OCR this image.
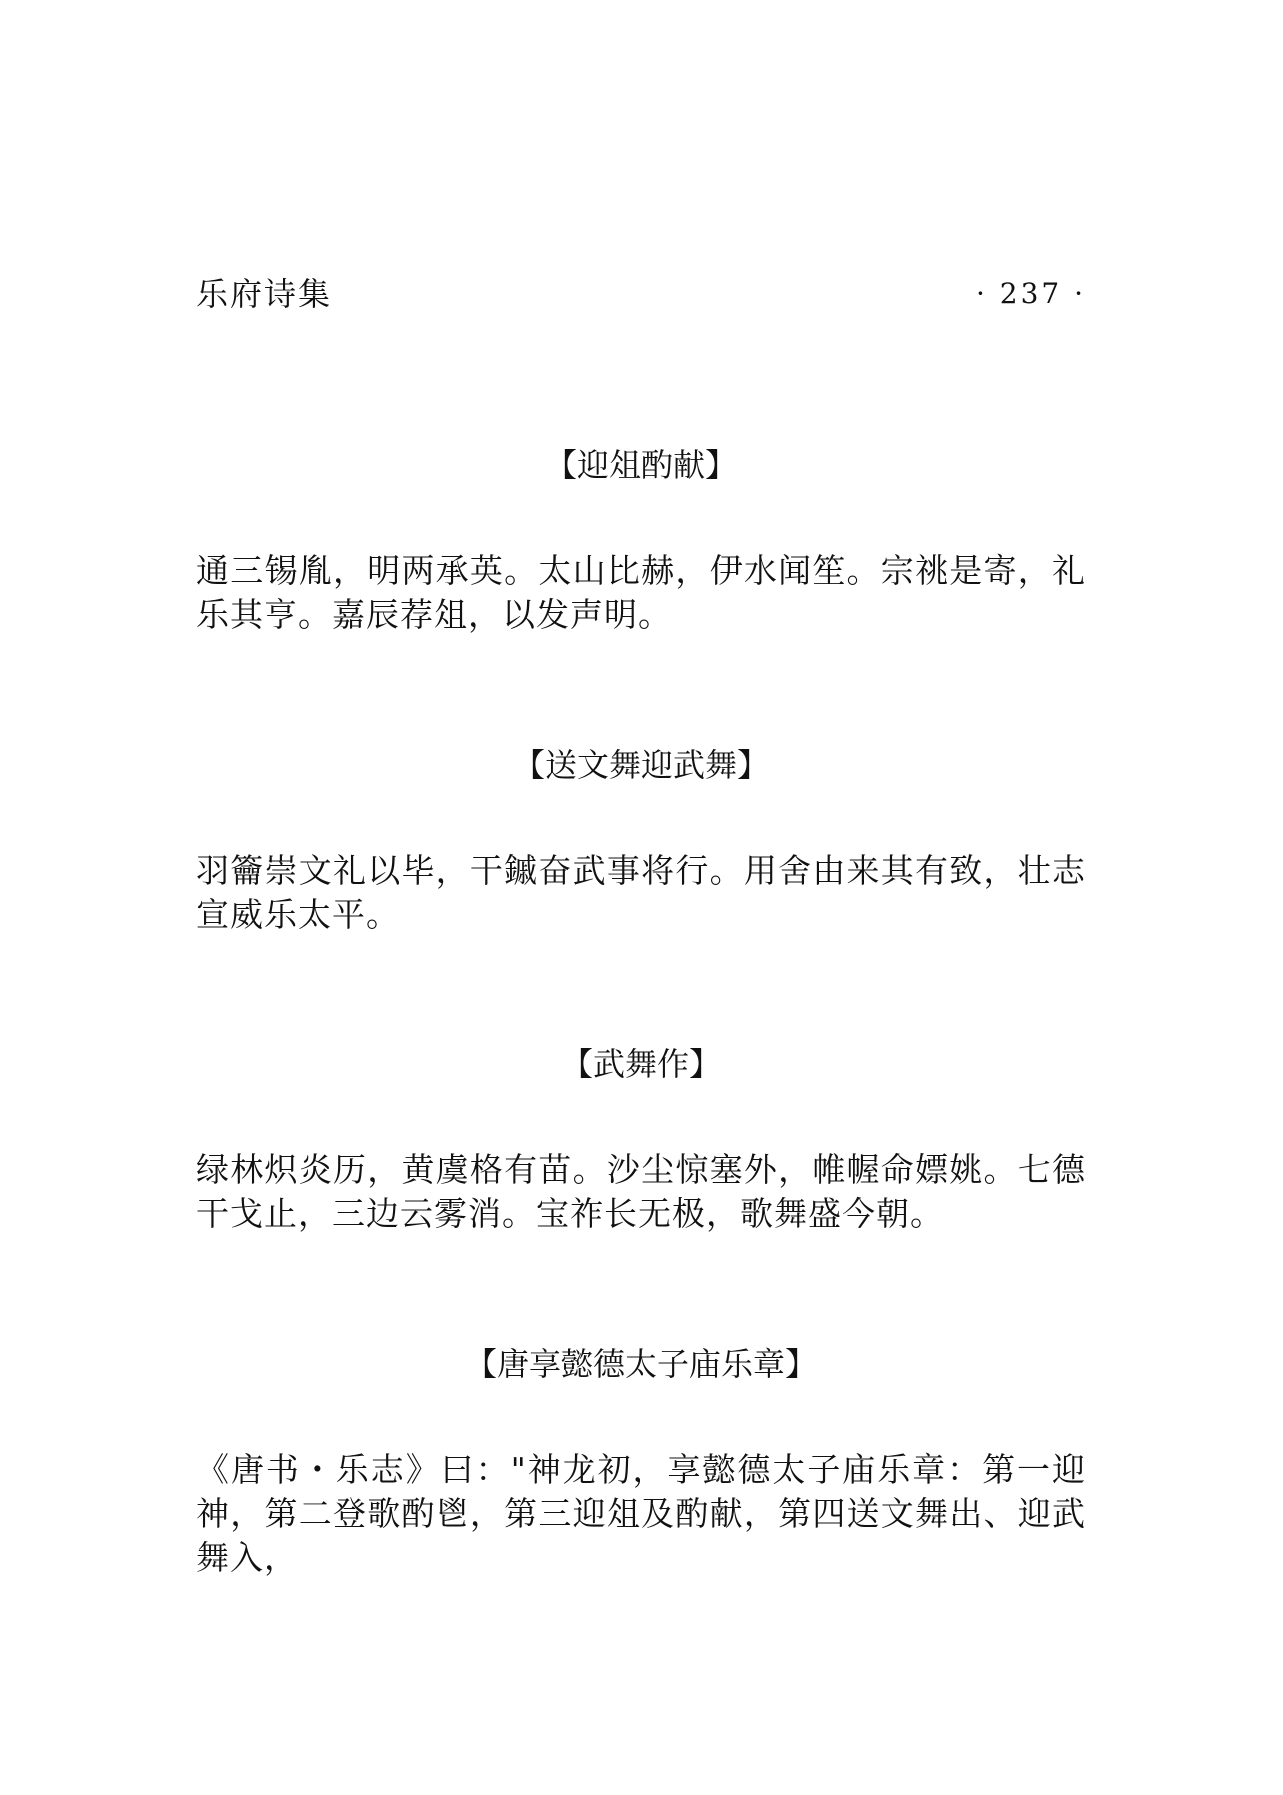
乐府诗集	· 237 ·
【迎俎酌献】

通三锡胤，明两承英。太山比赫，伊水闻笙。宗祧是寄，礼乐其亨。嘉辰荐俎，以发声明。

【送文舞迎武舞】

羽籥崇文礼以毕，干鏚奋武事将行。用舍由来其有致，壮志宣威乐太平。

【武舞作】

绿林炽炎历，黄虞格有苗。沙尘惊塞外，帷幄命嫖姚。七德干戈止，三边云雾消。宝祚长无极，歌舞盛今朝。

【唐享懿德太子庙乐章】

《唐书・乐志》曰："神龙初，享懿德太子庙乐章：第一迎神，第二登歌酌鬯，第三迎俎及酌献，第四送文舞出、迎武舞入，
